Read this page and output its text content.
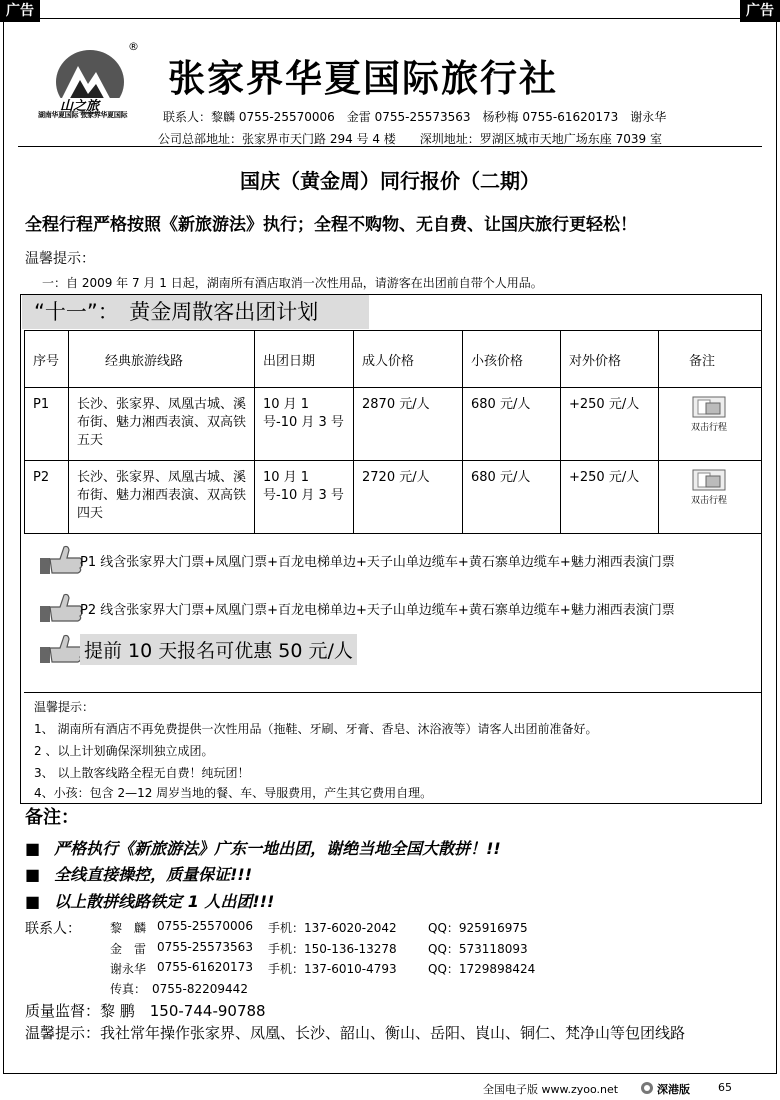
广告	广告
山之旅
湖南华夏国际 张家界华夏国际
®
张家界华夏国际旅行社
联系人：黎麟 0755-25570006　金雷 0755-25573563　杨秒梅 0755-61620173　谢永华
公司总部地址：张家界市天门路 294 号 4 楼　　深圳地址：罗湖区城市天地广场东座 7039 室
国庆（黄金周）同行报价（二期）
全程行程严格按照《新旅游法》执行；全程不购物、无自费、让国庆旅行更轻松！
温馨提示：
一：自 2009 年 7 月 1 日起，湖南所有酒店取消一次性用品，请游客在出团前自带个人用品。
“十一”：　黄金周散客出团计划
序号	经典旅游线路	出团日期	成人价格	小孩价格	对外价格	备注
P1	长沙、张家界、凤凰古城、溪布街、魅力湘西表演、双高铁五天	10 月 1 号-10 月 3 号	2870 元/人	680 元/人	+250 元/人	双击行程
P2	长沙、张家界、凤凰古城、溪布街、魅力湘西表演、双高铁四天	10 月 1 号-10 月 3 号	2720 元/人	680 元/人	+250 元/人	双击行程
P1 线含张家界大门票+凤凰门票+百龙电梯单边+天子山单边缆车+黄石寨单边缆车+魅力湘西表演门票
P2 线含张家界大门票+凤凰门票+百龙电梯单边+天子山单边缆车+黄石寨单边缆车+魅力湘西表演门票
提前 10 天报名可优惠 50 元/人
温馨提示：
1、 湖南所有酒店不再免费提供一次性用品（拖鞋、牙刷、牙膏、香皂、沐浴液等）请客人出团前准备好。
2 、以上计划确保深圳独立成团。
3、 以上散客线路全程无自费！纯玩团！
4、小孩：包含 2—12 周岁当地的餐、车、导服费用，产生其它费用自理。
备注：
■ 严格执行《新旅游法》广东一地出团，谢绝当地全国大散拼！!!
■ 全线直接操控，质量保证!!!
■ 以上散拼线路铁定 1 人出团!!!
联系人： 黎　麟 0755-25570006 手机：137-6020-2042	QQ：925916975
金　雷 0755-25573563 手机：150-136-13278	QQ：573118093
谢永华 0755-61620173 手机：137-6010-4793	QQ：1729898424
传真：　0755-82209442
质量监督：黎 鹏　150-744-90788
温馨提示：我社常年操作张家界、凤凰、长沙、韶山、衡山、岳阳、崀山、铜仁、梵净山等包团线路
全国电子版 www.zyoo.net	深港版	65
